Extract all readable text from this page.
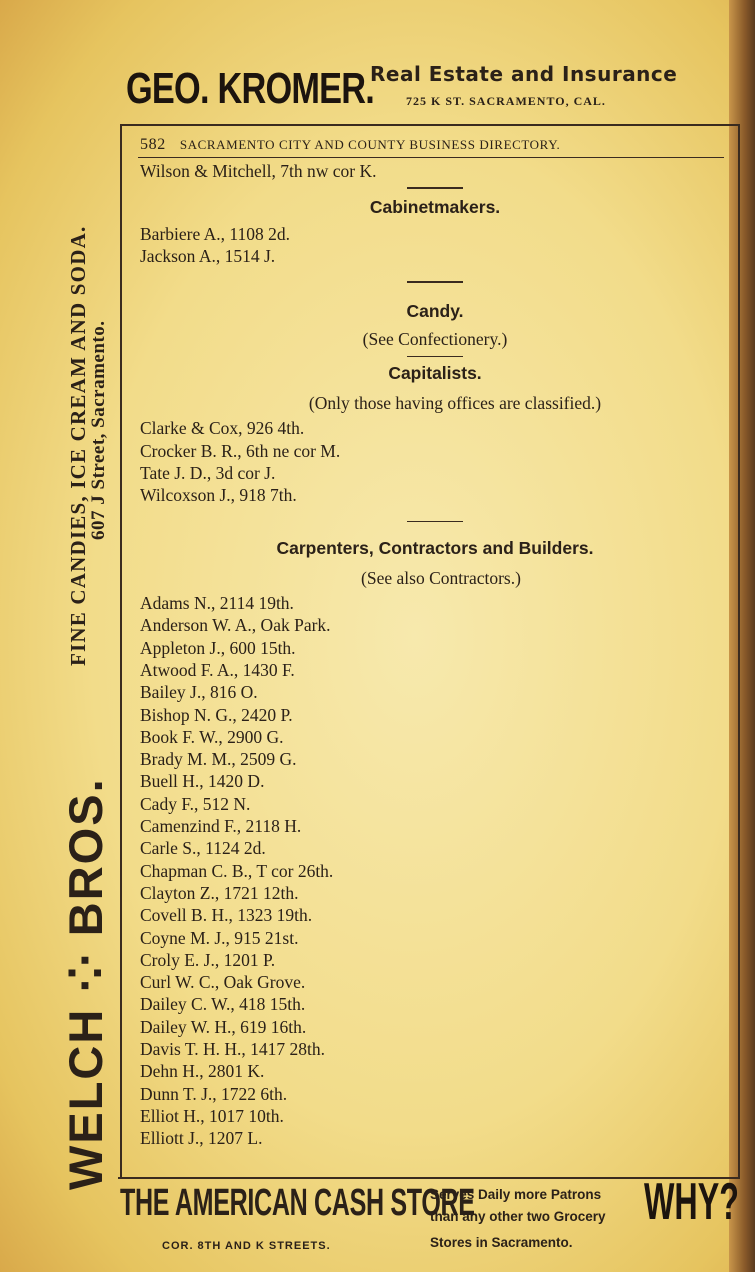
GEO. KROMER.
Real Estate and Insurance
725 K ST. SACRAMENTO, CAL.
WELCH ⁘ BROS.
FINE CANDIES, ICE CREAM AND SODA.
607 J Street, Sacramento.
582 SACRAMENTO CITY AND COUNTY BUSINESS DIRECTORY.
Wilson & Mitchell, 7th nw cor K.
Cabinetmakers.
Barbiere A., 1108 2d.
Jackson A., 1514 J.
Candy.
(See Confectionery.)
Capitalists.
(Only those having offices are classified.)
Clarke & Cox, 926 4th.
Crocker B. R., 6th ne cor M.
Tate J. D., 3d cor J.
Wilcoxson J., 918 7th.
Carpenters, Contractors and Builders.
(See also Contractors.)
Adams N., 2114 19th.
Anderson W. A., Oak Park.
Appleton J., 600 15th.
Atwood F. A., 1430 F.
Bailey J., 816 O.
Bishop N. G., 2420 P.
Book F. W., 2900 G.
Brady M. M., 2509 G.
Buell H., 1420 D.
Cady F., 512 N.
Camenzind F., 2118 H.
Carle S., 1124 2d.
Chapman C. B., T cor 26th.
Clayton Z., 1721 12th.
Covell B. H., 1323 19th.
Coyne M. J., 915 21st.
Croly E. J., 1201 P.
Curl W. C., Oak Grove.
Dailey C. W., 418 15th.
Dailey W. H., 619 16th.
Davis T. H. H., 1417 28th.
Dehn H., 2801 K.
Dunn T. J., 1722 6th.
Elliot H., 1017 10th.
Elliott J., 1207 L.
THE AMERICAN CASH STORE
COR. 8TH AND K STREETS.
Serves Daily more Patrons
than any other two Grocery
Stores in Sacramento.
WHY?
